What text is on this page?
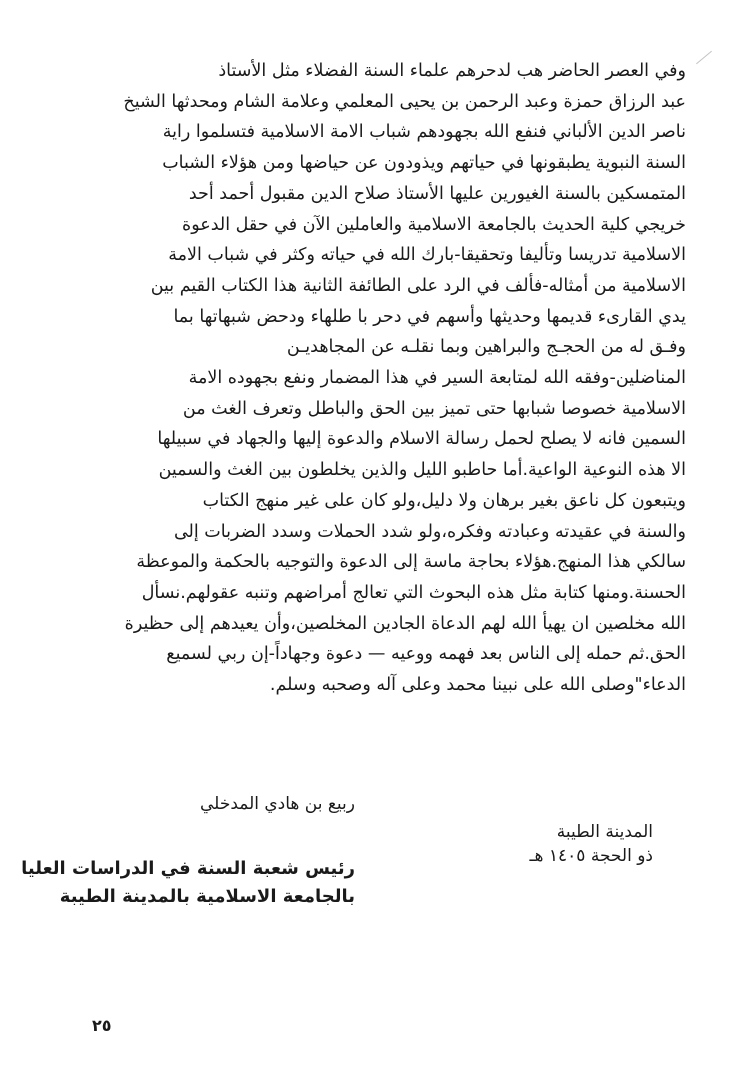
وفي العصر الحاضر هب لدحرهم علماء السنة الفضلاء مثل الأستاذ
عبد الرزاق حمزة وعبد الرحمن بن يحيى المعلمي وعلامة الشام ومحدثها الشيخ
ناصر الدين الألباني فنفع الله بجهودهم شباب الامة الاسلامية فتسلموا راية
السنة النبوية يطبقونها في حياتهم ويذودون عن حياضها ومن هؤلاء الشباب
المتمسكين بالسنة الغيورين عليها الأستاذ صلاح الدين مقبول أحمد أحد
خريجي كلية الحديث بالجامعة الاسلامية والعاملين الآن في حقل الدعوة
الاسلامية تدريسا وتأليفا وتحقيقا-بارك الله في حياته وكثر في شباب الامة
الاسلامية من أمثاله-فألف في الرد على الطائفة الثانية هذا الكتاب القيم بين
يدي القارىء قديمها وحديثها وأسهم في دحر با طلهاء ودحض شبهاتها بما
وفـق له من الحجـج والبراهين وبما نقلـه عن المجاهديـن
المناضلين-وفقه الله لمتابعة السير في هذا المضمار ونفع بجهوده الامة
الاسلامية خصوصا شبابها حتى تميز بين الحق والباطل وتعرف الغث من
السمين فانه لا يصلح لحمل رسالة الاسلام والدعوة إليها والجهاد في سبيلها
الا هذه النوعية الواعية.أما حاطبو الليل والذين يخلطون بين الغث والسمين
ويتبعون كل ناعق بغير برهان ولا دليل،ولو كان على غير منهج الكتاب
والسنة في عقيدته وعبادته وفكره،ولو شدد الحملات وسدد الضربات إلى
سالكي هذا المنهج.هؤلاء بحاجة ماسة إلى الدعوة والتوجيه بالحكمة والموعظة
الحسنة.ومنها كتابة مثل هذه البحوث التي تعالج أمراضهم وتنبه عقولهم.نسأل
الله مخلصين ان يهيأ الله لهم الدعاة الجادين المخلصين،وأن يعيدهم إلى حظيرة
الحق.ثم حمله إلى الناس بعد فهمه ووعيه — دعوة وجهاداً-إن ربي لسميع
الدعاء"وصلى الله على نبينا محمد وعلى آله وصحبه وسلم.
ربيع بن هادي المدخلي
المدينة الطيبة
ذو الحجة ١٤٠٥ هـ
رئيس شعبة السنة في الدراسات العليا
بالجامعة الاسلامية بالمدينة الطيبة
٢٥
